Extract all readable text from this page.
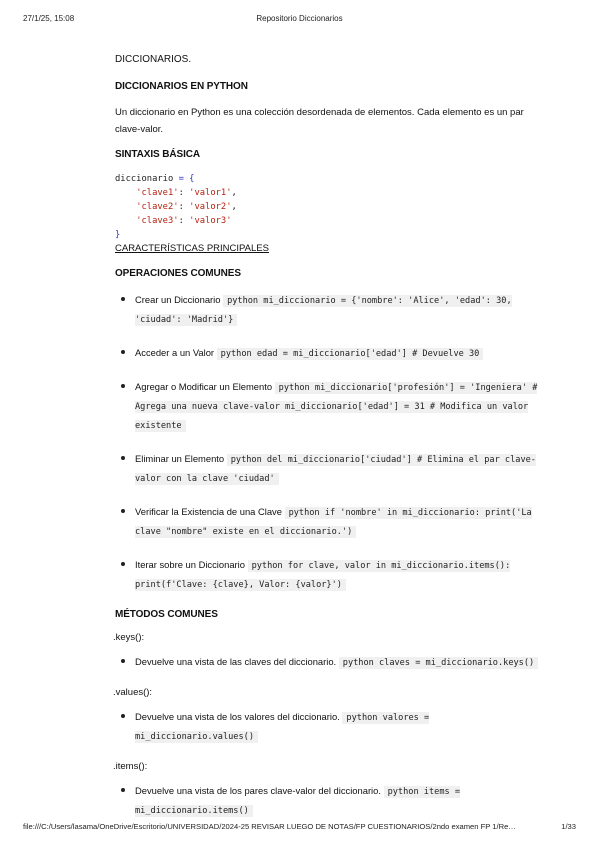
27/1/25, 15:08	Repositorio Diccionarios
DICCIONARIOS.
DICCIONARIOS EN PYTHON

Un diccionario en Python es una colección desordenada de elementos. Cada elemento es un par clave-valor.

SINTAXIS BÁSICA
diccionario = {
'clave1': 'valor1',
'clave2': 'valor2',
'clave3': 'valor3'
}
CARACTERÍSTICAS PRINCIPALES
OPERACIONES COMUNES
Crear un Diccionario python mi_diccionario = {'nombre': 'Alice', 'edad': 30, 'ciudad': 'Madrid'}
Acceder a un Valor python edad = mi_diccionario['edad'] # Devuelve 30
Agregar o Modificar un Elemento python mi_diccionario['profesión'] = 'Ingeniera' # Agrega una nueva clave-valor mi_diccionario['edad'] = 31 # Modifica un valor existente
Eliminar un Elemento python del mi_diccionario['ciudad'] # Elimina el par clave-valor con la clave 'ciudad'
Verificar la Existencia de una Clave python if 'nombre' in mi_diccionario: print('La clave "nombre" existe en el diccionario.')
Iterar sobre un Diccionario python for clave, valor in mi_diccionario.items(): print(f'Clave: {clave}, Valor: {valor}')
MÉTODOS COMUNES
.keys():
Devuelve una vista de las claves del diccionario. python claves = mi_diccionario.keys()
.values():
Devuelve una vista de los valores del diccionario. python valores = mi_diccionario.values()
.items():
Devuelve una vista de los pares clave-valor del diccionario. python items = mi_diccionario.items()
file:///C:/Users/lasama/OneDrive/Escritorio/UNIVERSIDAD/2024-25 REVISAR LUEGO DE NOTAS/FP CUESTIONARIOS/2ndo examen FP 1/Re…	1/33
